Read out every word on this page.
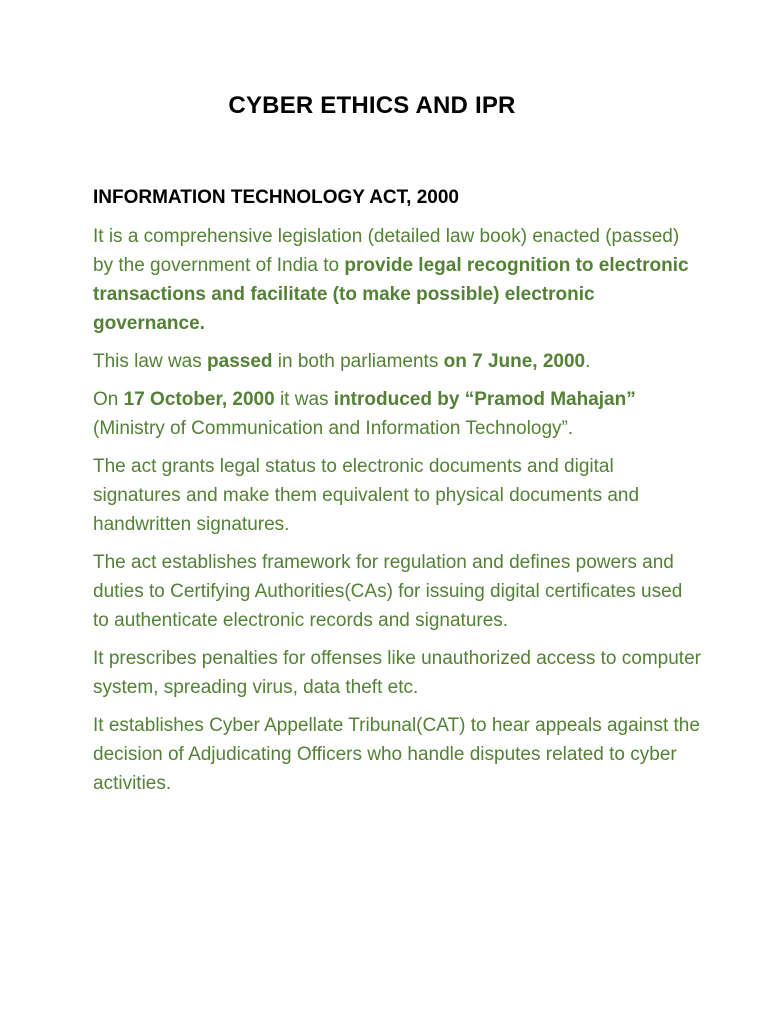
CYBER ETHICS AND IPR
INFORMATION TECHNOLOGY ACT, 2000

It is a comprehensive legislation (detailed law book) enacted (passed) by the government of India to provide legal recognition to electronic transactions and facilitate (to make possible) electronic governance.

This law was passed in both parliaments on 7 June, 2000.

On 17 October, 2000 it was introduced by “Pramod Mahajan” (Ministry of Communication and Information Technology”.

The act grants legal status to electronic documents and digital signatures and make them equivalent to physical documents and handwritten signatures.

The act establishes framework for regulation and defines powers and duties to Certifying Authorities(CAs) for issuing digital certificates used to authenticate electronic records and signatures.

It prescribes penalties for offenses like unauthorized access to computer system, spreading virus, data theft etc.

It establishes Cyber Appellate Tribunal(CAT) to hear appeals against the decision of Adjudicating Officers who handle disputes related to cyber activities.
